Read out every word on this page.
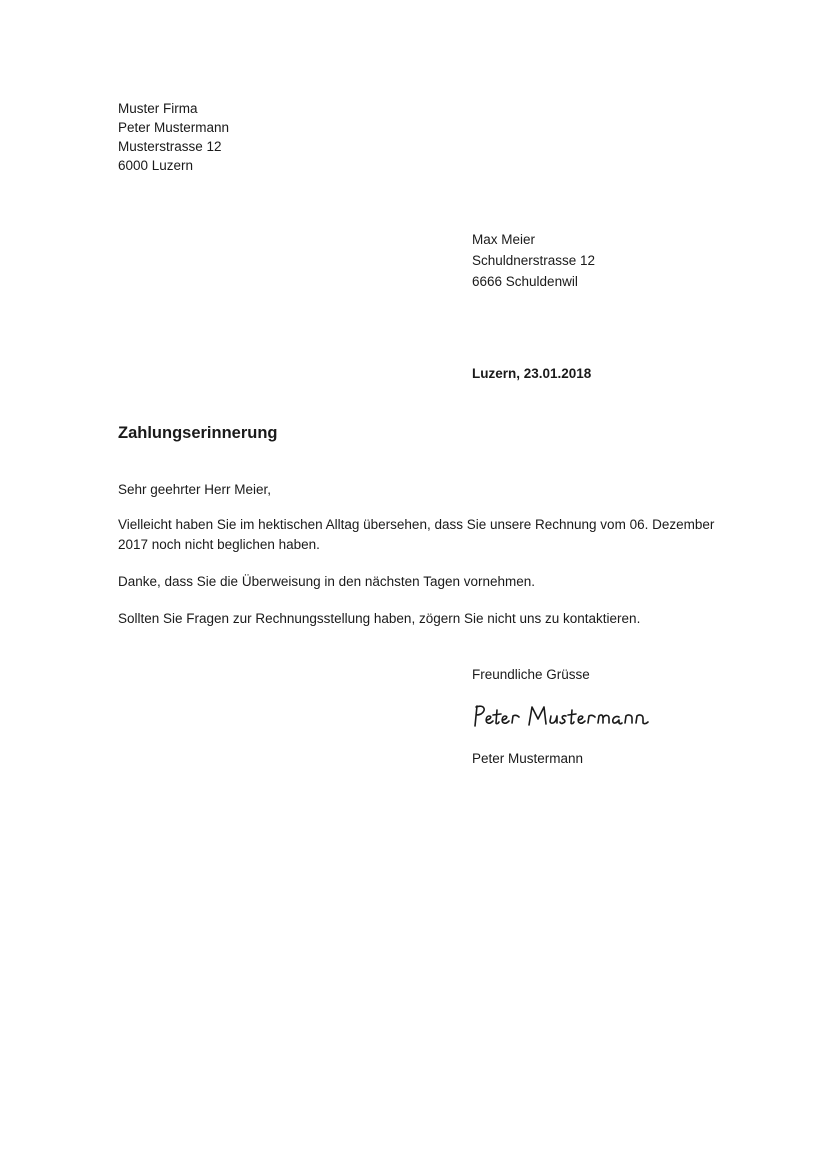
Muster Firma
Peter Mustermann
Musterstrasse 12
6000 Luzern
Max Meier
Schuldnerstrasse 12
6666 Schuldenwil
Luzern, 23.01.2018
Zahlungserinnerung
Sehr geehrter Herr Meier,
Vielleicht haben Sie im hektischen Alltag übersehen, dass Sie unsere Rechnung vom 06. Dezember
2017 noch nicht beglichen haben.
Danke, dass Sie die Überweisung in den nächsten Tagen vornehmen.
Sollten Sie Fragen zur Rechnungsstellung haben, zögern Sie nicht uns zu kontaktieren.
Freundliche Grüsse
Peter Mustermann
